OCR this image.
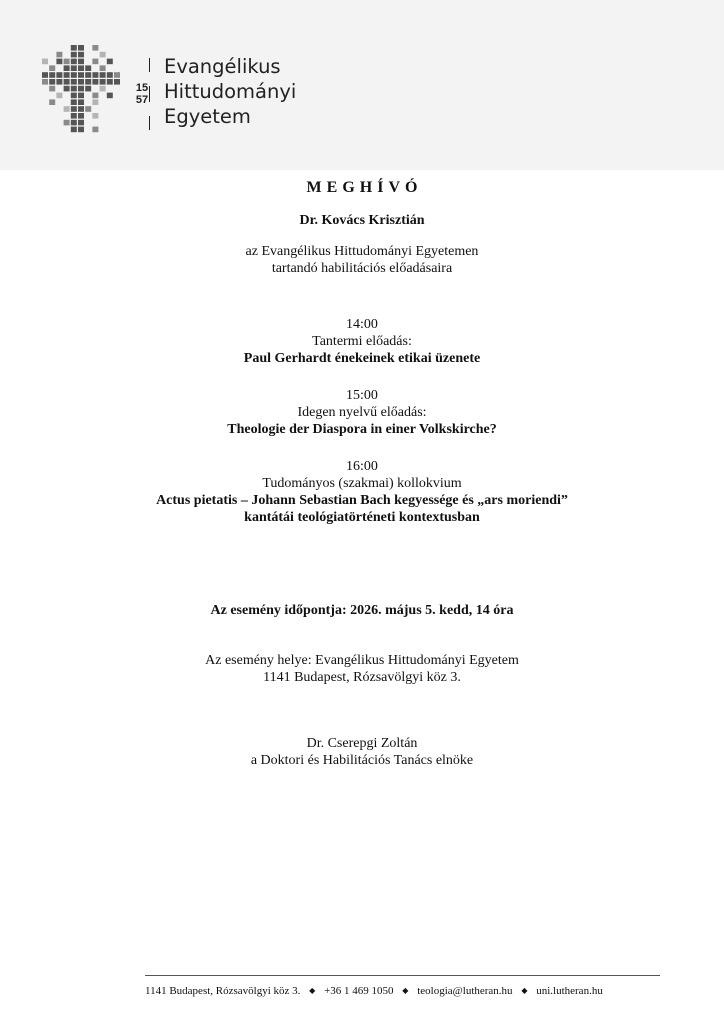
15
57
Evangélikus
Hittudományi
Egyetem
MEGHÍVÓ
Dr. Kovács Krisztián
az Evangélikus Hittudományi Egyetemen
tartandó habilitációs előadásaira
14:00
Tantermi előadás:
Paul Gerhardt énekeinek etikai üzenete
15:00
Idegen nyelvű előadás:
Theologie der Diaspora in einer Volkskirche?
16:00
Tudományos (szakmai) kollokvium
Actus pietatis – Johann Sebastian Bach kegyessége és „ars moriendi”
kantátái teológiatörténeti kontextusban
Az esemény időpontja: 2026. május 5. kedd, 14 óra
Az esemény helye: Evangélikus Hittudományi Egyetem
1141 Budapest, Rózsavölgyi köz 3.
Dr. Cserepgi Zoltán
a Doktori és Habilitációs Tanács elnöke
1141 Budapest, Rózsavölgyi köz 3. ◆ +36 1 469 1050 ◆ teologia@lutheran.hu ◆ uni.lutheran.hu
